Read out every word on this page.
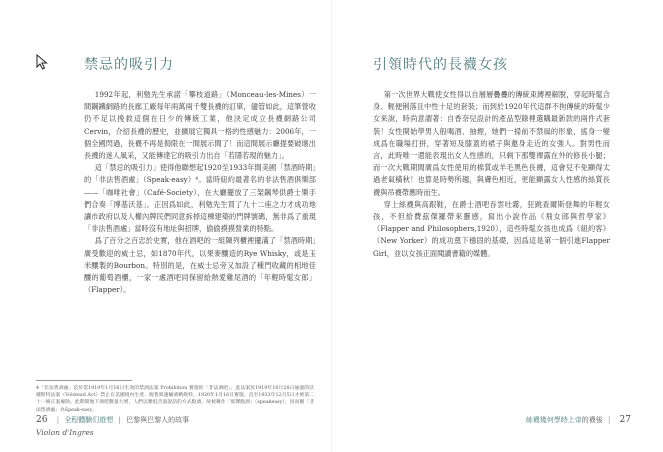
禁忌的吸引力

1992年起，利勉先生承諾「攀枝道路」（Monceau-les-Mines）一間鋼鐵網路的長廊工廠每年兩萬兩千雙長襪的訂單，儘管如此，這筆營收仍不足以挽救這個在日少的傳統工業，他決定成立長襪網路公司Cervin，介紹長襪的歷史，並擴展它獨具一格的性感魅力：2006年，一個全國閃過，長襪不再是侷限在一間展示間了！而這間展示廳提要破壞出長襪的迷人風采，又能傳達它的吸引力出自「若隱若現的魅力」。

這「禁忌的吸引力」使得他聯想起1920至1933年間美國「禁酒時期」的「非法售酒處」（Speak-easy）⁴。當時紐約最著名的非法售酒俱樂部——「咖啡社會」（Café-Society），在大廳擺放了三架鋼琴供爵士樂手們合奏「博基沃基」。正因爲如此，利勉先生買了九十二座之力才成功地讓市政府以及人權內牌民們同意拆掉這棟建築的門牌號碼，無非爲了重現「非法售酒處」當時沒有地址與招牌，偷偷摸摸營業的特點。

爲了百分之百忠於史實，他在酒吧的一組陳列櫃裡擺滿了「禁酒時期」廣受歡迎的威士忌，如1870年代，以果麥釀造的Rye Whisky，或是玉米釀製的Bourbon。特別的是，在威士忌旁又加設了種門收藏的相地佳釀的葡萄酒櫃，一家一處酒吧同保留給熱愛雞尾酒的「年輕時髦女郎」（Flapper）。

4「非法售酒處」是於當1919年1月16日生效的禁酒法案 Prohibition 實施的「非法酒吧」。此法案於1919年10月28日通過的沃爾斯特法案（Volstead Act）禁止在美國境內生產、販售與運輸酒精飲料，1920年1月16日實施，直至1933年12月5日才被第二十一修正案廢除。此期間地下酒吧數量大增，人們以壓低音量說話的方式點酒，故被稱作「低聲點酒」（speakeasy），因而稱「非法售酒處」為Speak-easy。
26 | 全程體驗幻遊想 | 巴黎與巴黎人的故事
Violon d'Ingres
引領時代的長襪女孩

第一次世界大戰使女性得以自層層疊疊的傳統束縛裡解脫，穿起時髦合身、輕便俐落且中性十足的套裝；而到於1920年代這群不拘傳統的時髦少女來說，時尚意謂著：自香奈兒設計的產品型錄裡選購最新款的兩件式套裝！女性開始學男人般喝酒、抽煙，她們一掃前不禁風的形象，搖身一變成爲在職場打拼，穿著短及膝蓋的裙子與邀身走近的女強人。對男性而言，此時唯一還能表現出女人性感的，只剩下那雙裸露在外的修長小腿；而一次大戰期間廣爲女性使用的棉質或羊毛黑色長襪，這會兒不免顯得太過老氣橫秋！也算是時勢所趨，與膚色相近，更能顯露女人性感的絲質長襪與吊襪帶應時而生。

穿上絲襪與高跟鞋，在爵士酒吧吞雲吐霧，狂跳查爾斯登舞的年輕女孩，不但給費茲傑羅帶來靈感，寫出小說作品《飛女郎與哲學家》（Flapper and Philosophers,1920），這些時髦女孩也成爲《紐約客》（New Yorker）的成功奠下穩固的基礎，因爲這是第一個引進Flapper Girl，並以女孩正面閱讀書籍的媒體。

絲襪幾何學時上帝的襪後 | 27
